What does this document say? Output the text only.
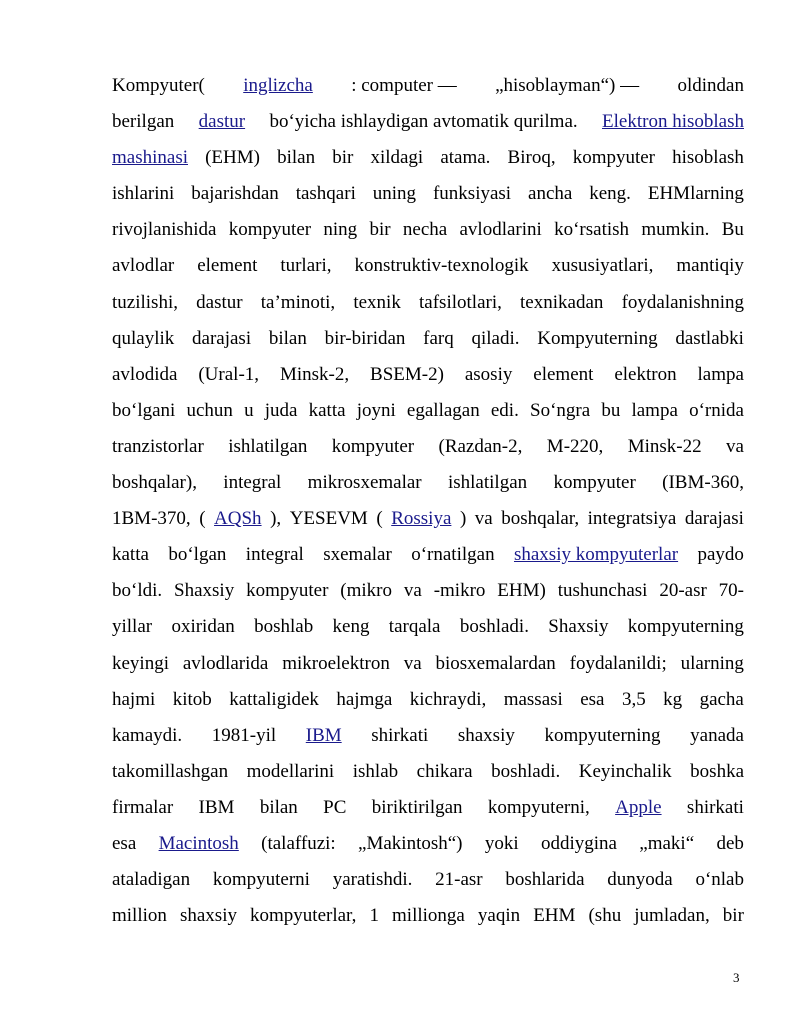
Kompyuter( inglizcha : computer — „hisoblayman“) — oldindan
berilgan dastur bo‘yicha ishlaydigan avtomatik qurilma. Elektron hisoblash
mashinasi (EHM) bilan bir xildagi atama. Biroq, kompyuter hisoblash
ishlarini bajarishdan tashqari uning funksiyasi ancha keng. EHMlarning
rivojlanishida kompyuter ning bir necha avlodlarini ko‘rsatish mumkin. Bu
avlodlar element turlari, konstruktiv-texnologik xususiyatlari, mantiqiy
tuzilishi, dastur ta’minoti, texnik tafsilotlari, texnikadan foydalanishning
qulaylik darajasi bilan bir-biridan farq qiladi. Kompyuterning dastlabki
avlodida (Ural-1, Minsk-2, BSEM-2) asosiy element elektron lampa
bo‘lgani uchun u juda katta joyni egallagan edi. So‘ngra bu lampa o‘rnida
tranzistorlar ishlatilgan kompyuter (Razdan-2, M-220, Minsk-22 va
boshqalar), integral mikrosxemalar ishlatilgan kompyuter (IBM-360,
1BM-370, ( AQSh ), YESEVM ( Rossiya ) va boshqalar, integratsiya darajasi
katta bo‘lgan integral sxemalar o‘rnatilgan shaxsiy kompyuterlar paydo
bo‘ldi. Shaxsiy kompyuter (mikro va -mikro EHM) tushunchasi 20-asr 70-
yillar oxiridan boshlab keng tarqala boshladi. Shaxsiy kompyuterning
keyingi avlodlarida mikroelektron va biosxemalardan foydalanildi; ularning
hajmi kitob kattaligidek hajmga kichraydi, massasi esa 3,5 kg gacha
kamaydi. 1981-yil IBM shirkati shaxsiy kompyuterning yanada
takomillashgan modellarini ishlab chikara boshladi. Keyinchalik boshka
firmalar IBM bilan PC biriktirilgan kompyuterni, Apple shirkati
esa Macintosh (talaffuzi: „Makintosh“) yoki oddiygina „maki“ deb
ataladigan kompyuterni yaratishdi. 21-asr boshlarida dunyoda o‘nlab
million shaxsiy kompyuterlar, 1 millionga yaqin EHM (shu jumladan, bir
3
